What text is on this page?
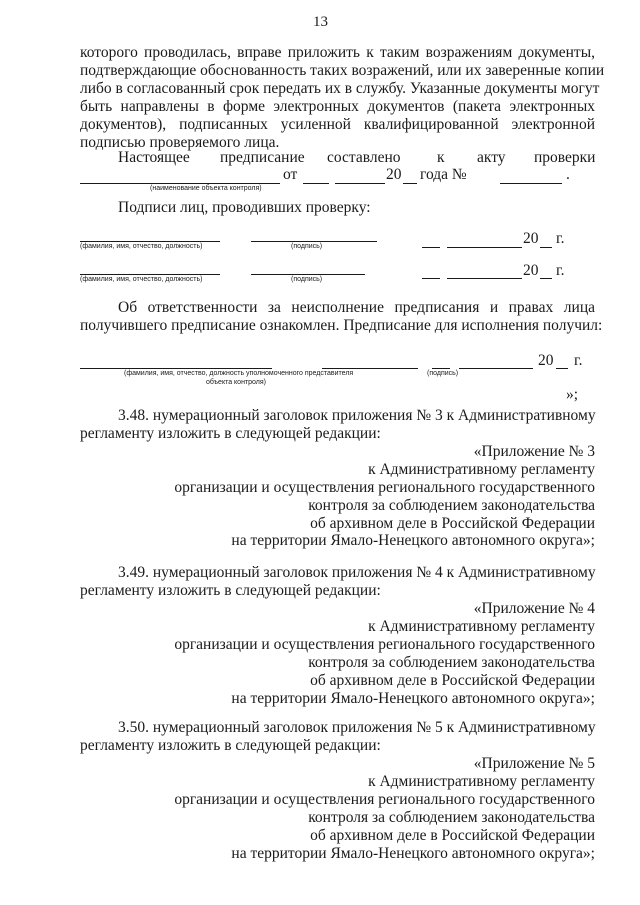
13
которого проводилась, вправе приложить к таким возражениям документы,
подтверждающие обоснованность таких возражений, или их заверенные копии
либо в согласованный срок передать их в службу. Указанные документы могут
быть направлены в форме электронных документов (пакета электронных
документов), подписанных усиленной квалифицированной электронной
подписью проверяемого лица.
Настоящее предписание составлено к акту проверки
от	20 года №	.
(наименование объекта контроля)
Подписи лиц, проводивших проверку:
(фамилия, имя, отчество, должность)	(подпись)	20 г.
(фамилия, имя, отчество, должность)	(подпись)
20 г.
Об ответственности за неисполнение предписания и правах лица
получившего предписание ознакомлен. Предписание для исполнения получил:
20 г.
(фамилия, имя, отчество, должность уполномоченного представителя
объекта контроля)
(подпись)
»;
3.48. нумерационный заголовок приложения № 3 к Административному
регламенту изложить в следующей редакции:
«Приложение № 3
к Административному регламенту
организации и осуществления регионального государственного
контроля за соблюдением законодательства
об архивном деле в Российской Федерации
на территории Ямало-Ненецкого автономного округа»;
3.49. нумерационный заголовок приложения № 4 к Административному
регламенту изложить в следующей редакции:
«Приложение № 4
к Административному регламенту
организации и осуществления регионального государственного
контроля за соблюдением законодательства
об архивном деле в Российской Федерации
на территории Ямало-Ненецкого автономного округа»;
3.50. нумерационный заголовок приложения № 5 к Административному
регламенту изложить в следующей редакции:
«Приложение № 5
к Административному регламенту
организации и осуществления регионального государственного
контроля за соблюдением законодательства
об архивном деле в Российской Федерации
на территории Ямало-Ненецкого автономного округа»;
